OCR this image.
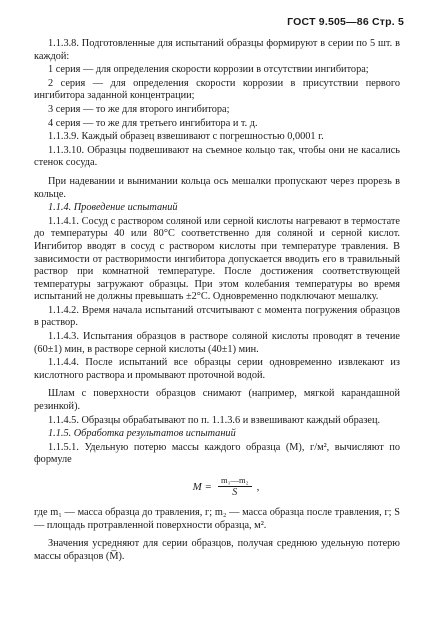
ГОСТ 9.505—86 Стр. 5

1.1.3.8. Подготовленные для испытаний образцы формируют в серии по 5 шт. в каждой:

1 серия — для определения скорости коррозии в отсутствии ингибитора;

2 серия — для определения скорости коррозии в присутствии первого ингибитора заданной концентрации;

3 серия — то же для второго ингибитора;

4 серия — то же для третьего ингибитора и т. д.

1.1.3.9. Каждый образец взвешивают с погрешностью 0,0001 г.

1.1.3.10. Образцы подвешивают на съемное кольцо так, чтобы они не касались стенок сосуда.

При надевании и вынимании кольца ось мешалки пропускают через прорезь в кольце.

1.1.4. Проведение испытаний

1.1.4.1. Сосуд с раствором соляной или серной кислоты нагревают в термостате до температуры 40 или 80°С соответственно для соляной и серной кислот. Ингибитор вводят в сосуд с раствором кислоты при температуре травления. В зависимости от растворимости ингибитора допускается вводить его в травильный раствор при комнатной температуре. После достижения соответствующей температуры загружают образцы. При этом колебания температуры во время испытаний не должны превышать ±2°С. Одновременно подключают мешалку.

1.1.4.2. Время начала испытаний отсчитывают с момента погружения образцов в раствор.

1.1.4.3. Испытания образцов в растворе соляной кислоты проводят в течение (60±1) мин, в растворе серной кислоты (40±1) мин.

1.1.4.4. После испытаний все образцы серии одновременно извлекают из кислотного раствора и промывают проточной водой.

Шлам с поверхности образцов снимают (например, мягкой карандашной резинкой).

1.1.4.5. Образцы обрабатывают по п. 1.1.3.6 и взвешивают каждый образец.

1.1.5. Обработка результатов испытаний

1.1.5.1. Удельную потерю массы каждого образца (M), г/м², вычисляют по формуле

$M = \frac{\text{m₁—m₂}}{S}$ ,

где m₁ — масса образца до травления, г; m₂ — масса образца после травления, г; S — площадь протравленной поверхности образца, м².

Значения усредняют для серии образцов, получая среднюю удельную потерю массы образцов (M̅).
